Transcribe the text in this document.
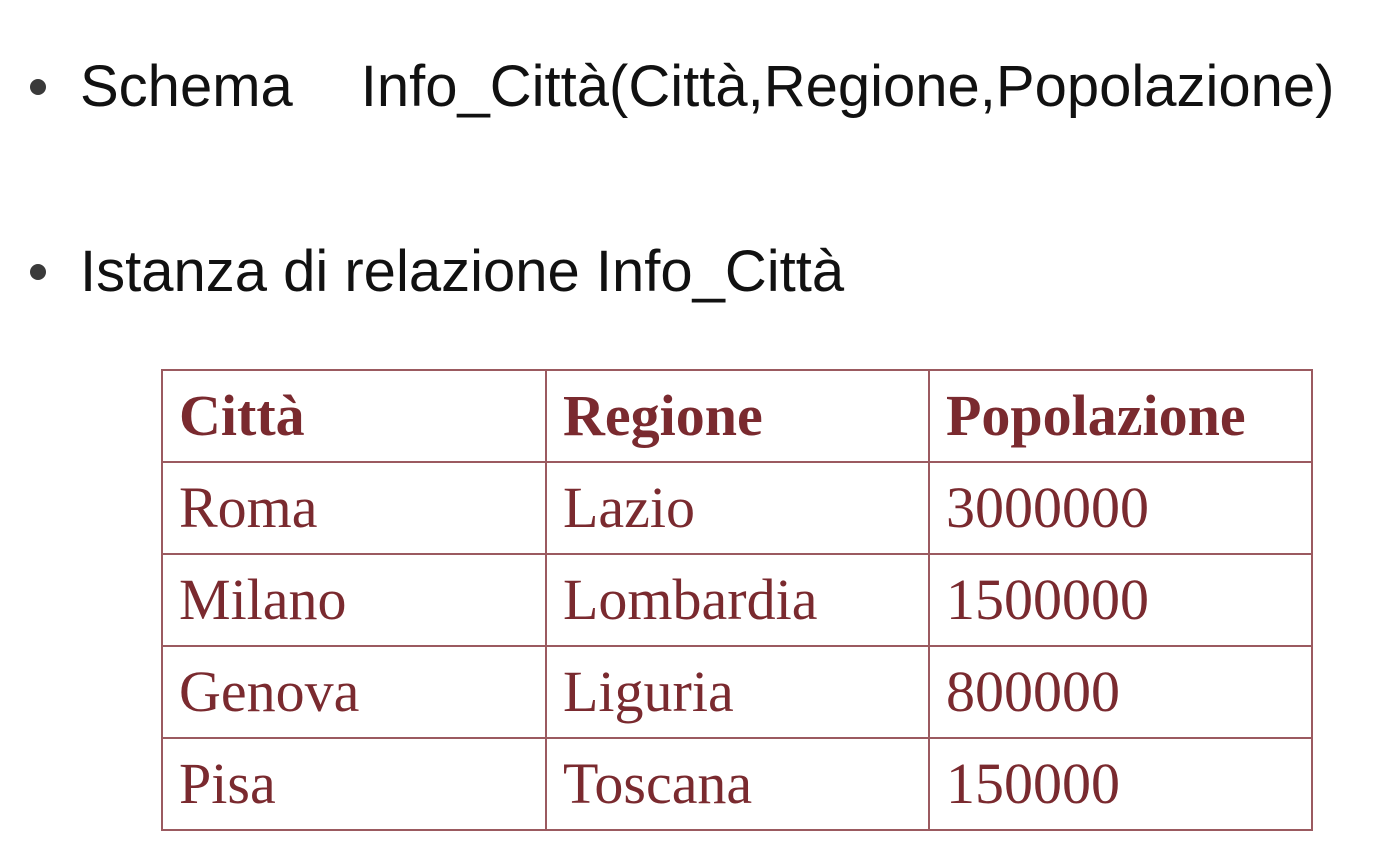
Schema Info_Città(Città,Regione,Popolazione)
Istanza di relazione Info_Città
Città	Regione	Popolazione
Roma	Lazio	3000000
Milano	Lombardia	1500000
Genova	Liguria	800000
Pisa	Toscana	150000
